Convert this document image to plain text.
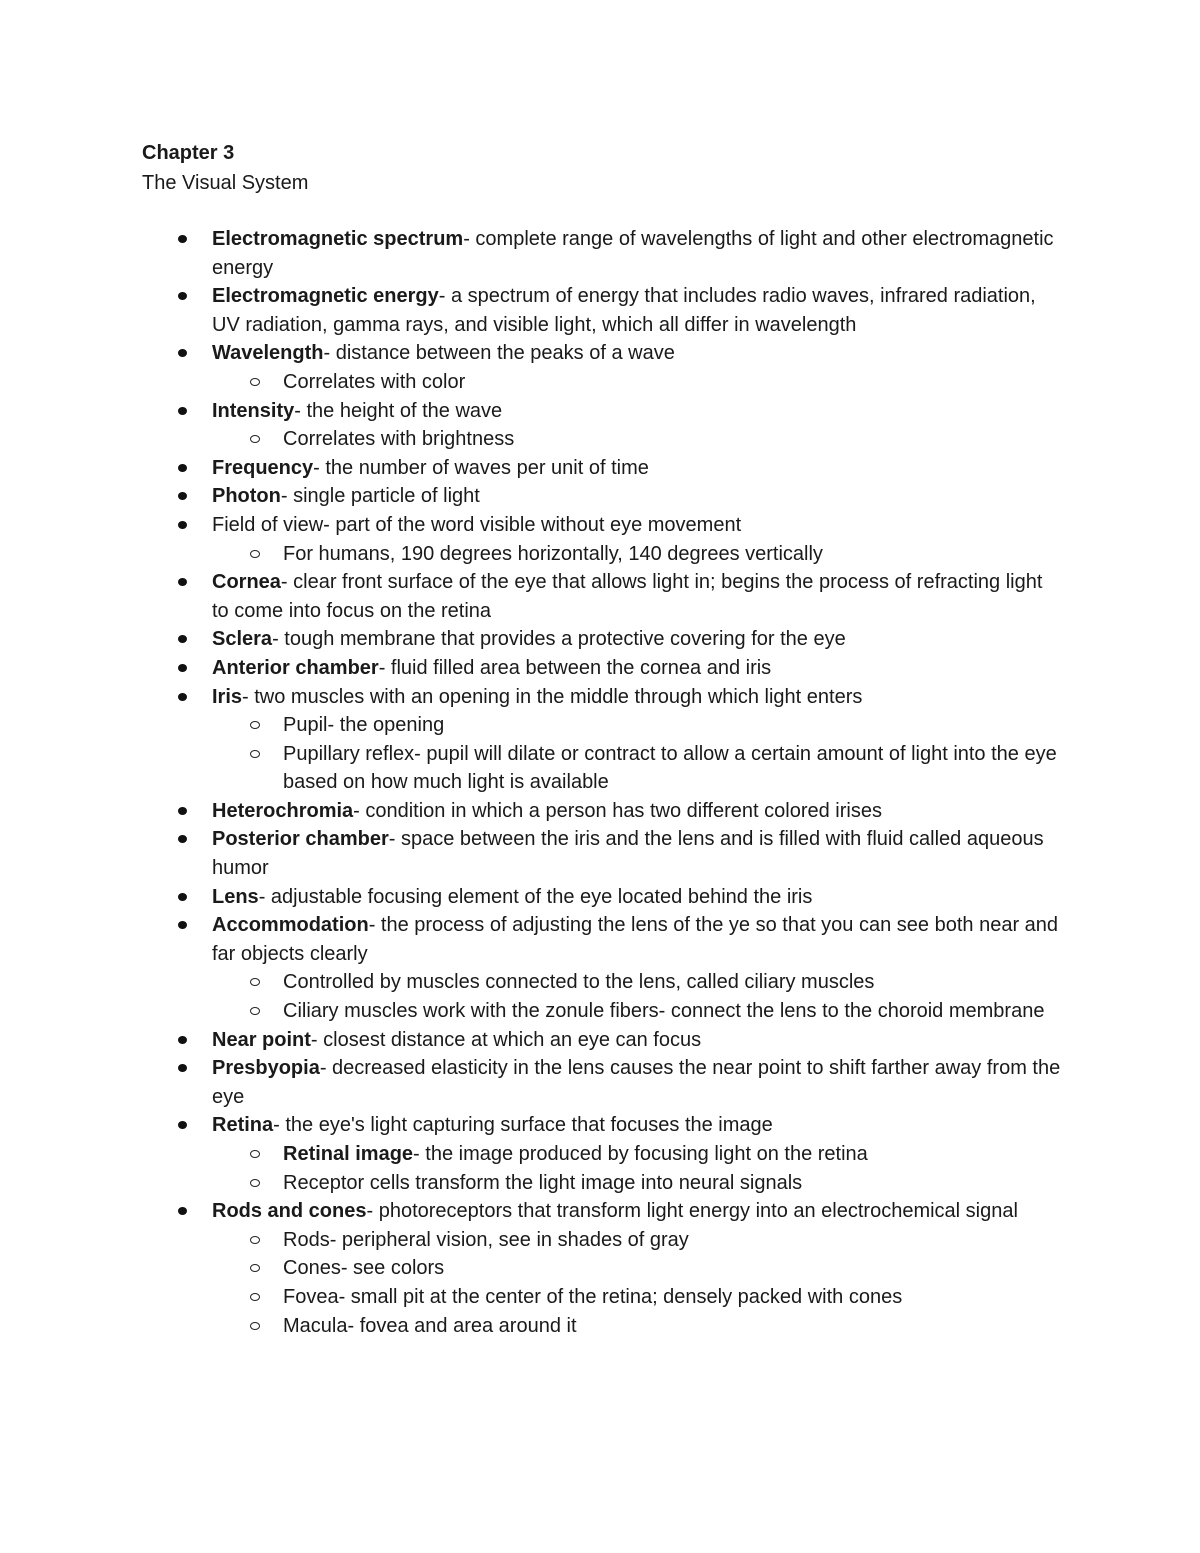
Chapter 3

The Visual System

Electromagnetic spectrum- complete range of wavelengths of light and other electromagnetic energy
Electromagnetic energy- a spectrum of energy that includes radio waves, infrared radiation, UV radiation, gamma rays, and visible light, which all differ in wavelength
Wavelength- distance between the peaks of a wave
Correlates with color
Intensity- the height of the wave
Correlates with brightness
Frequency- the number of waves per unit of time
Photon- single particle of light
Field of view- part of the word visible without eye movement
For humans, 190 degrees horizontally, 140 degrees vertically
Cornea- clear front surface of the eye that allows light in; begins the process of refracting light to come into focus on the retina
Sclera- tough membrane that provides a protective covering for the eye
Anterior chamber- fluid filled area between the cornea and iris
Iris- two muscles with an opening in the middle through which light enters
Pupil- the opening
Pupillary reflex- pupil will dilate or contract to allow a certain amount of light into the eye based on how much light is available
Heterochromia- condition in which a person has two different colored irises
Posterior chamber- space between the iris and the lens and is filled with fluid called aqueous humor
Lens- adjustable focusing element of the eye located behind the iris
Accommodation- the process of adjusting the lens of the ye so that you can see both near and far objects clearly
Controlled by muscles connected to the lens, called ciliary muscles
Ciliary muscles work with the zonule fibers- connect the lens to the choroid membrane
Near point- closest distance at which an eye can focus
Presbyopia- decreased elasticity in the lens causes the near point to shift farther away from the eye
Retina- the eye's light capturing surface that focuses the image
Retinal image- the image produced by focusing light on the retina
Receptor cells transform the light image into neural signals
Rods and cones- photoreceptors that transform light energy into an electrochemical signal
Rods- peripheral vision, see in shades of gray
Cones- see colors
Fovea- small pit at the center of the retina; densely packed with cones
Macula- fovea and area around it
